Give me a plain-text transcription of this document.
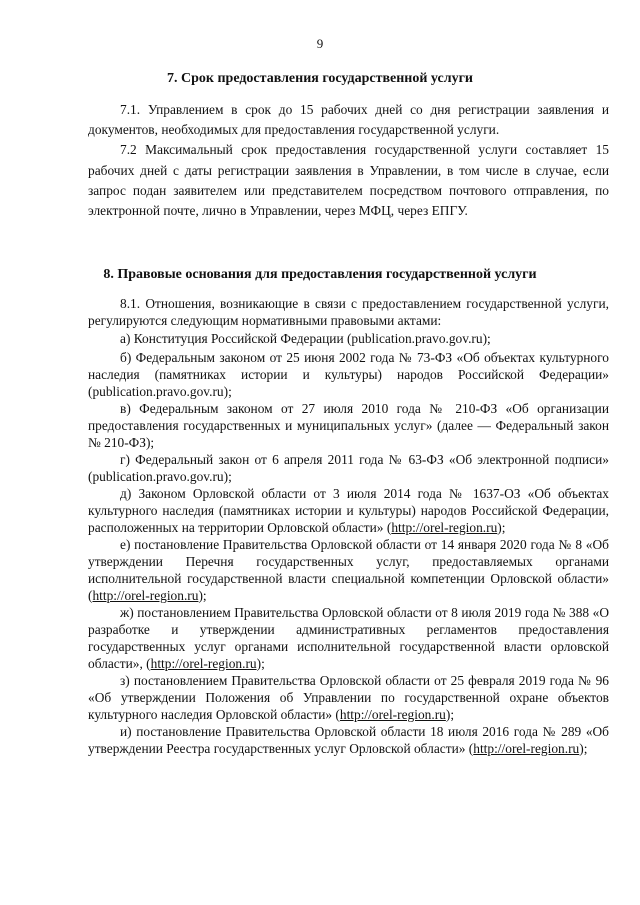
9
7. Срок предоставления государственной услуги

7.1. Управлением в срок до 15 рабочих дней со дня регистрации заявления и документов, необходимых для предоставления государственной услуги.

7.2 Максимальный срок предоставления государственной услуги составляет 15 рабочих дней с даты регистрации заявления в Управлении, в том числе в случае, если запрос подан заявителем или представителем посредством почтового отправления, по электронной почте, лично в Управлении, через МФЦ, через ЕПГУ.

8. Правовые основания для предоставления государственной услуги

8.1. Отношения, возникающие в связи с предоставлением государственной услуги, регулируются следующим нормативными правовыми актами:

а) Конституция Российской Федерации (publication.pravo.gov.ru);

б) Федеральным законом от 25 июня 2002 года № 73-ФЗ «Об объектах культурного наследия (памятниках истории и культуры) народов Российской Федерации» (publication.pravo.gov.ru);

в) Федеральным законом от 27 июля 2010 года № 210-ФЗ «Об организации предоставления государственных и муниципальных услуг» (далее — Федеральный закон № 210-ФЗ);

г) Федеральный закон от 6 апреля 2011 года № 63-ФЗ «Об электронной подписи» (publication.pravo.gov.ru);

д) Законом Орловской области от 3 июля 2014 года № 1637-ОЗ «Об объектах культурного наследия (памятниках истории и культуры) народов Российской Федерации, расположенных на территории Орловской области» (http://orel-region.ru);

е) постановление Правительства Орловской области от 14 января 2020 года № 8 «Об утверждении Перечня государственных услуг, предоставляемых органами исполнительной государственной власти специальной компетенции Орловской области» (http://orel-region.ru);

ж) постановлением Правительства Орловской области от 8 июля 2019 года № 388 «О разработке и утверждении административных регламентов предоставления государственных услуг органами исполнительной государственной власти орловской области», (http://orel-region.ru);

з) постановлением Правительства Орловской области от 25 февраля 2019 года № 96 «Об утверждении Положения об Управлении по государственной охране объектов культурного наследия Орловской области» (http://orel-region.ru);

и) постановление Правительства Орловской области 18 июля 2016 года № 289 «Об утверждении Реестра государственных услуг Орловской области» (http://orel-region.ru);
